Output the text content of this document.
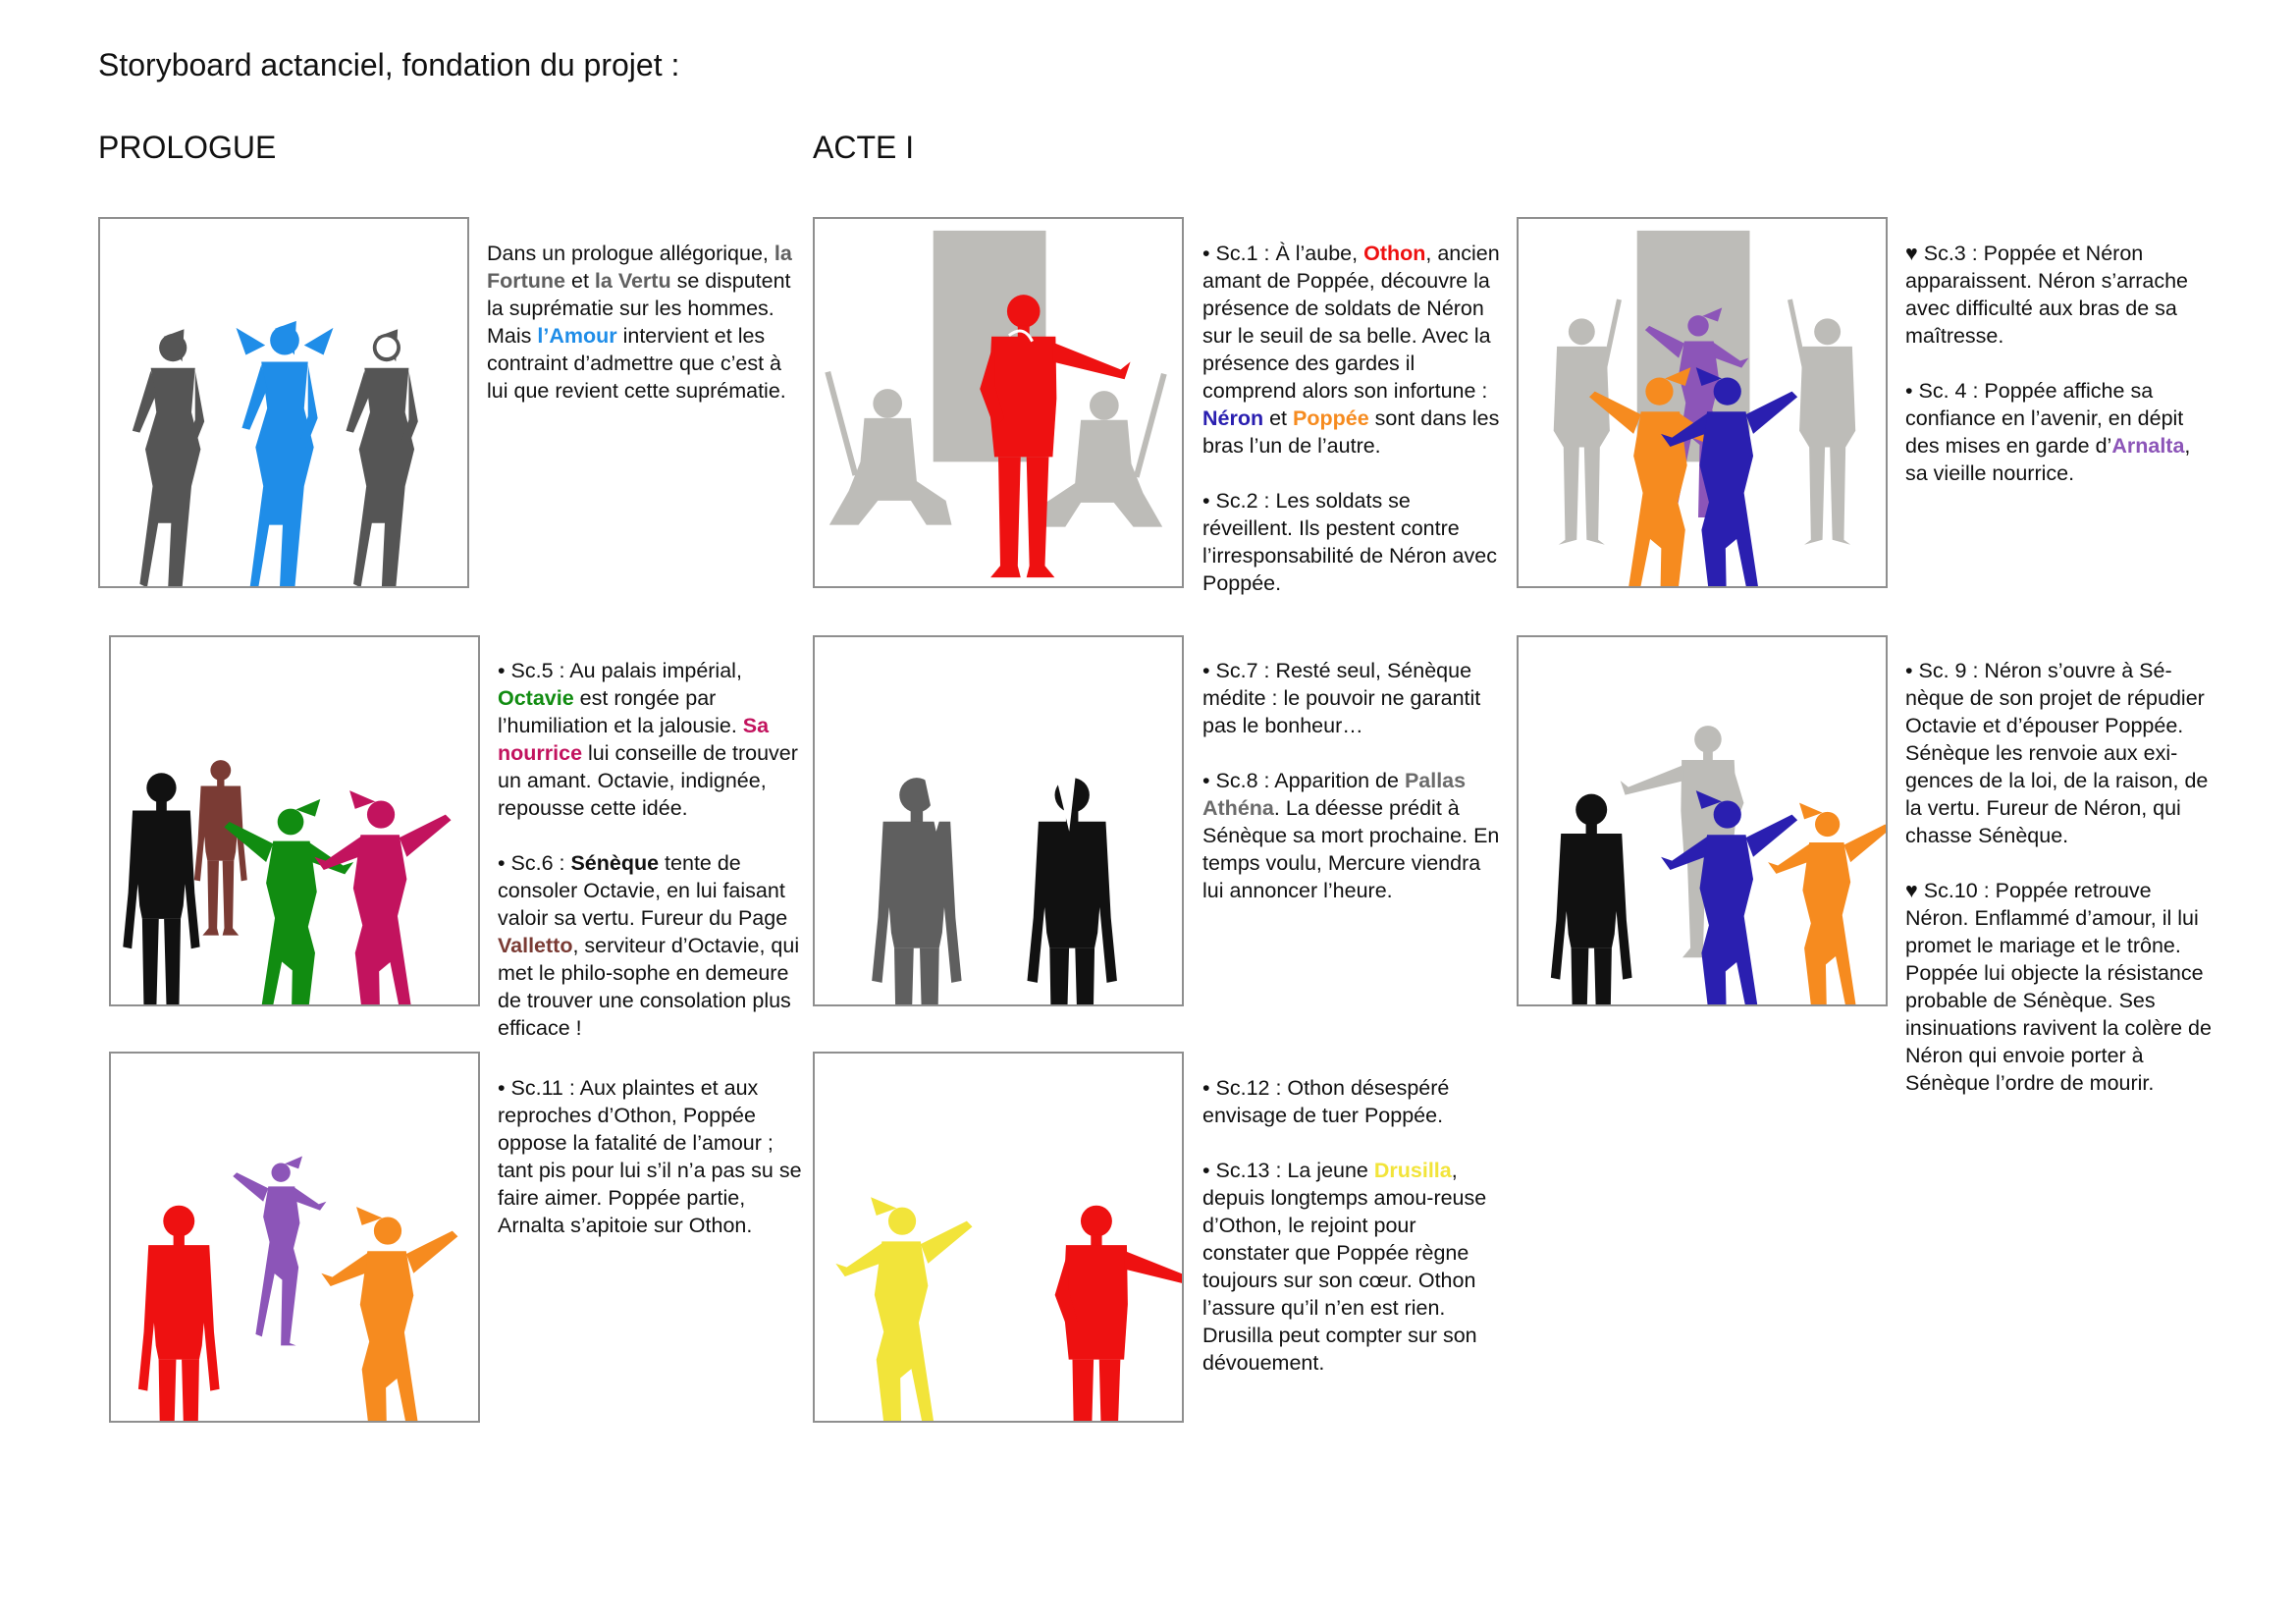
Storyboard actanciel, fondation du projet :
PROLOGUE	ACTE I

Dans un prologue allégorique, la Fortune et la Vertu se disputent la suprématie sur les hommes. Mais l’Amour intervient et les contraint d’admettre que c’est à lui que revient cette suprématie.

• Sc.1 : À l’aube, Othon, ancien amant de Poppée, découvre la présence de soldats de Néron sur le seuil de sa belle. Avec la présence des gardes il comprend alors son infortune : Néron et Poppée sont dans les bras l’un de l’autre.

• Sc.2 : Les soldats se réveillent. Ils pestent contre l’irresponsabilité de Néron avec Poppée.

♥ Sc.3 : Poppée et Néron apparaissent. Néron s’arrache avec difficulté aux bras de sa maîtresse.

• Sc. 4 : Poppée affiche sa confiance en l’avenir, en dépit des mises en garde d’Arnalta, sa vieille nourrice.

• Sc.5 : Au palais impérial, Octavie est rongée par l’humiliation et la jalousie. Sa nourrice lui conseille de trouver un amant. Octavie, indignée, repousse cette idée.

• Sc.6 : Sénèque tente de consoler Octavie, en lui faisant valoir sa vertu. Fureur du Page Valletto, serviteur d’Octavie, qui met le philo-sophe en demeure de trouver une consolation plus efficace !

• Sc.7 : Resté seul, Sénèque médite : le pouvoir ne garantit pas le bonheur…

• Sc.8 : Apparition de Pallas Athéna. La déesse prédit à Sénèque sa mort prochaine. En temps voulu, Mercure viendra lui annoncer l’heure.

• Sc. 9 : Néron s’ouvre à Sé-nèque de son projet de répudier Octavie et d’épouser Poppée. Sénèque les renvoie aux exi-gences de la loi, de la raison, de la vertu. Fureur de Néron, qui chasse Sénèque.

♥ Sc.10 : Poppée retrouve Néron. Enflammé d’amour, il lui promet le mariage et le trône. Poppée lui objecte la résistance probable de Sénèque. Ses insinuations ravivent la colère de Néron qui envoie porter à Sénèque l’ordre de mourir.

• Sc.11 : Aux plaintes et aux reproches d’Othon, Poppée oppose la fatalité de l’amour ; tant pis pour lui s’il n’a pas su se faire aimer. Poppée partie, Arnalta s’apitoie sur Othon.

• Sc.12 : Othon désespéré envisage de tuer Poppée.

• Sc.13 : La jeune Drusilla, depuis longtemps amou-reuse d’Othon, le rejoint pour constater que Poppée règne toujours sur son cœur. Othon l’assure qu’il n’en est rien. Drusilla peut compter sur son dévouement.
